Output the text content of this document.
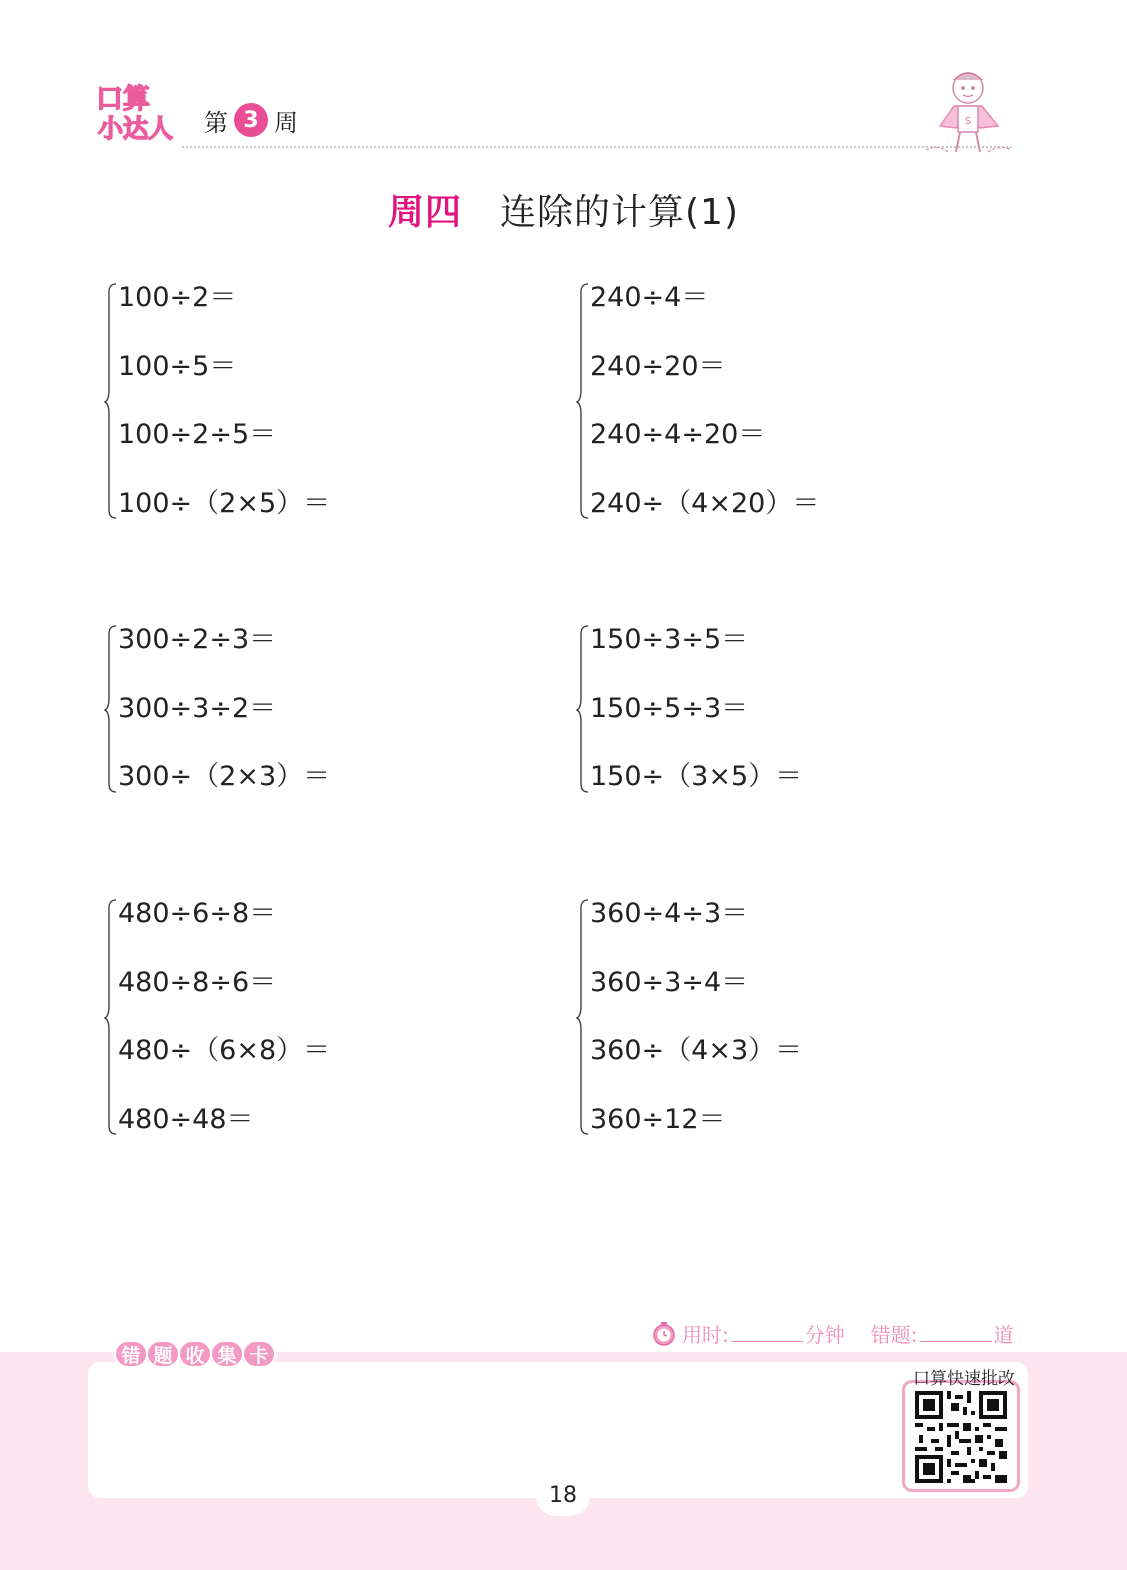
口算
小达人 第 3 周	s
周四 连除的计算(1)
100÷2＝
100÷5＝
100÷2÷5＝
100÷（2×5）＝
240÷4＝
240÷20＝
240÷4÷20＝
240÷（4×20）＝
300÷2÷3＝
300÷3÷2＝
300÷（2×3）＝
150÷3÷5＝
150÷5÷3＝
150÷（3×5）＝
480÷6÷8＝
480÷8÷6＝
480÷（6×8）＝
480÷48＝
360÷4÷3＝
360÷3÷4＝
360÷（4×3）＝
360÷12＝
用时:	分钟 错题:	道
错 题 收 集 卡
口算快速批改
18
